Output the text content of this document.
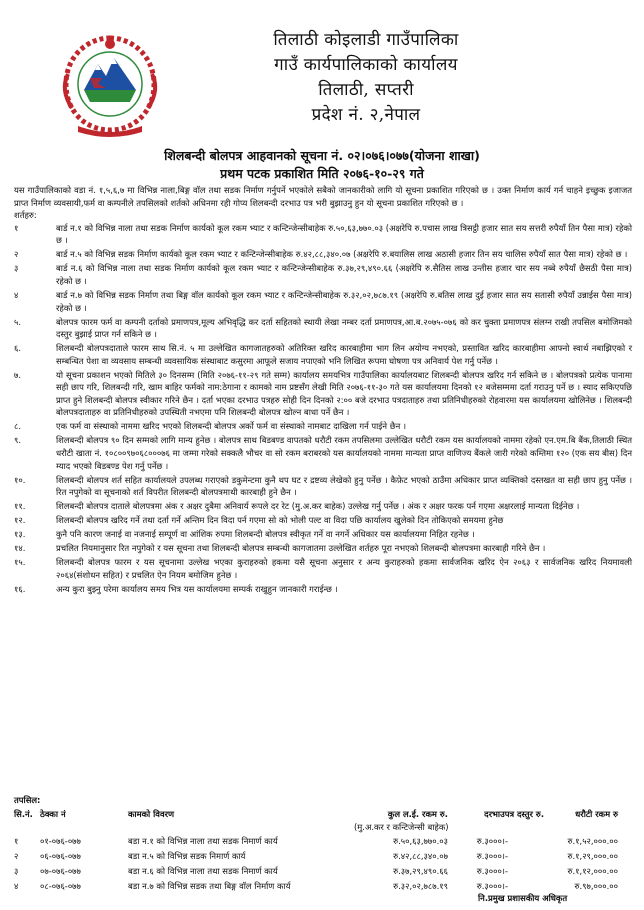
तिलाठी कोइलाडी गाउँपालिका
गाउँ कार्यपालिकाको कार्यालय
तिलाठी, सप्तरी
प्रदेश नं. २,नेपाल
शिलबन्दी बोलपत्र आहवानको सूचना नं. ०२।०७६।०७७(योजना शाखा)
प्रथम पटक प्रकाशित मिति २०७६-१०-२९ गते

यस गाउँपालिकाको वडा नं. १,५,६,७ मा विभिन्न नाला,बिङ्ग वॉल तथा सडक निर्माण गर्नुपर्ने भएकोले सबैको जानकारीको लागि यो सूचना प्रकाशित गरिएको छ । उक्त निर्माण कार्य गर्न चाहने इच्छुक इजाजत प्राप्त निर्माण व्यवसायी,फर्म वा कम्पनीले तपसिलको शर्तको अधिनमा रही गोप्य शिलबन्दी दरभाउ पत्र भरी बुझाउनु हुन यो सूचना प्रकाशित गरिएको छ ।

शर्तहरु:

१	बार्ड न.१ को विभिन्न नाला तथा सडक निर्माण कार्यको कूल रकम भ्याट र कन्टिन्जेन्सीबाहेक रु.५०,६३,७७०.०३ (अक्षरेपि रु.पचास लाख त्रिसट्ठी हजार सात सय सत्तरी रुपैयाँ तिन पैसा मात्र) रहेको छ ।
२	बार्ड न.५ को विभिन्न सडक निर्माण कार्यको कूल रकम भ्याट र कन्टिन्जेन्सीबाहेक रु.४२,८८,३४०.०७ (अक्षरेपि रु.बयालिस लाख अठासी हजार तिन सय चालिस रुपैयाँ सात पैसा मात्र) रहेको छ ।
३	बार्ड न.६ को विभिन्न नाला तथा सडक निर्माण कार्यको कूल रकम भ्याट र कन्टिन्जेन्सीबाहेक रु.३७,२९,४९०.६६ (अक्षरेपि रु.सैतिस लाख उन्तीस हजार चार सय नब्बे रुपैयाँ छैसठी पैसा मात्र) रहेको छ ।
४	बार्ड न.७ को विभिन्न सडक निर्माण तथा बिङ्ग वॉल कार्यको कूल रकम भ्याट र कन्टिन्जेन्सीबाहेक रु.३२,०२,७८७.१९ (अक्षरेपि रु.बतिस लाख दुई हजार सात सय सतासी रुपैयाँ उन्नाईस पैसा मात्र) रहेको छ ।
५.	बोलपत्र फारम फर्म वा कम्पनी दर्ताको प्रमाणपत्र,मूल्य अभिवृद्धि कर दर्ता सहितको स्थायी लेखा नम्बर दर्ता प्रमाणपत्र,आ.ब.२०७५-०७६ को कर चुक्ता प्रमाणपत्र संलग्न राखी तपसिल बमोजिमको दस्तुर बुझाई प्राप्त गर्न सकिने छ ।
६.	शिलबन्दी बोलपत्रदाताले फारम साथ सि.नं. ५ मा उल्लेखित कागजातहरुको अतिरिक्त खरिद कारबाहीमा भाग लिन अयोग्य नभएको, प्रस्तावित खरिद कारबाहीमा आफ्नो स्वार्थ नबाझिएको र सम्बन्धित पेशा वा व्यवसाय सम्बन्धी व्यवसायिक संस्थाबाट कसुरमा आफूले सजाय नपाएको भनि लिखित रूपमा घोषणा पत्र अनिवार्य पेश गर्नु पर्नेछ ।
७.	यो सूचना प्रकाशन भएको मितिले ३० दिनसम्म (मिति २०७६-११-२९ गते सम्म) कार्यालय समयभित्र गाउँपालिका कार्यालयबाट शिलबन्दी बोलपत्र खरिद गर्न सकिने छ । बोलपत्रको प्रत्येक पानामा सही छाप गरि, शिलबन्दी गरि, खाम बाहिर फर्मको नाम:ठेगाना र कामको नाम प्रष्टसँग लेखी मिति २०७६-११-३० गते यस कार्यालयमा दिनको १२ बजेसम्ममा दर्ता गराउनु पर्ने छ । स्याद सकिएपछि प्राप्त हुने शिलबन्दी बोलपत्र स्वीकार गरिने छैन । दर्ता भएका दरभाउ पत्रहरु सोही दिन दिनको २:०० बजे दरभाउ पत्रदाताहरु तथा प्रतिनिधीहरुको रोहवारमा यस कार्यालयमा खोलिनेछ । शिलबन्दी बोलपत्रदाताहरु वा प्रतिनिधीहरुको उपस्थिती नभएमा पनि शिलबन्दी बोलपत्र खोल्न बाधा पर्ने छैन ।
८.	एक फर्म वा संस्थाको नाममा खरिद भएको शिलबन्दी बोलपत्र अर्को फर्म वा संस्थाको नामबाट दाखिला गर्न पाईने छैन ।
९.	शिलबन्दी बोलपत्र ९० दिन सम्मको लागि मान्य हुनेछ । बोलपत्र साथ बिडबण्ड वापतको धरौटी रकम तपसिलमा उल्लेखित धरौटी रकम यस कार्यालयको नाममा रहेको एन.एम.बि बैंक,तिलाठी स्थित धरौटी खाता नं. १०८००९७०६८०००७६ मा जम्मा गरेको सक्कलै भौचर वा सो रकम बराबरको यस कार्यालयको नाममा मान्यता प्राप्त वाणिज्य बैंकले जारी गरेको कम्तिमा १२० (एक सय बीस) दिन म्याद भएको बिडबण्ड पेश गर्नु पर्नेछ ।
१०.	शिलबन्दी बोलपत्र शर्त सहित कार्यालयले उपलब्ध गराएको डकुमेन्टमा कुनै थप घट र द्रष्टव्य लेखेको हुनु पर्नेछ । कैफ़ेट भएको ठाउँमा अधिकार प्राप्त व्यक्तिको दस्तखत वा सही छाप हुनु पर्नेछ । रित नपुगेको वा सूचनाको शर्त विपरीत शिलबन्दी बोलपत्रमाथी कारबाही हुने छैन ।
११.	शिलबन्दी बोलपत्र दाताले बोलपत्रमा अंक र अक्षर दुबैमा अनिवार्य रूपले दर रेट (मु.अ.कर बाहेक) उल्लेख गर्नु पर्नेछ । अंक र अक्षर फरक पर्न गएमा अक्षरलाई मान्यता दिईनेछ ।
१२.	शिलबन्दी बोलपत्र खरिद गर्ने तथा दर्ता गर्ने अन्तिम दिन विदा पर्न गएमा सो को भोली पल्ट वा विदा पछि कार्यालय खुलेको दिन तोकिएको समयमा हुनेछ
१३.	कुनै पनि कारण जनाई वा नजनाई सम्पूर्ण वा आंशिक रुपमा शिलबन्दी बोलपत्र स्वीकृत गर्ने वा नगर्ने अधिकार यस कार्यालयमा निहित रहनेछ ।
१४.	प्रचलित नियमानुसार रित नपुगेको र यस सूचना तथा शिलबन्दी बोलपत्र सम्बन्धी कागजातमा उल्लेखित शर्तहरु पूरा नभएको शिलबन्दी बोलपत्रमा कारबाही गरिने छैन ।
१५.	शिलबन्दी बोलपत्र फारम र यस सूचनामा उल्लेख भएका कुराहरुको हकमा यसै सूचना अनुसार र अन्य कुराहरुको हकमा सार्वजनिक खरिद ऐन २०६३ र सार्वजनिक खरिद नियमावली २०६४(संशोधन सहित) र प्रचलित ऐन नियम बमोजिम हुनेछ ।
१६.	अन्य कुरा बुझ्नु परेमा कार्यालय समय भित्र यस कार्यालयमा सम्पर्क राखुहुन जानकारी गराईन्छ ।
तपसिल:
सि.नं. ठेक्का नं	कामको विवरण	कुल ल.ई. रकम रु.	दरभाउपत्र दस्तुर रु.	धरौटी रकम रु
(मु.अ.कर र कन्टिजेन्सी बाहेक)
१	०१-०७६-०७७	बडा न.१ को विभिन्न नाला तथा सडक निमार्ण कार्य	रु.५०,६३,७७०.०३	रु.३०००।-	रु.१,५२,०००.००
२	०६-०७६-०७७	बडा न.५ को विभिन्न सडक निमार्ण कार्य	रु.४२,८८,३४०.०७	रु.३०००।-	रु.१,२९,०००.००
३	०७-०७६-०७७	बडा न.६ को विभिन्न नाला तथा सडक निमार्ण कार्य	रु.३७,२९,४९०.६६	रु.३०००।-	रु.१,१२,०००.००
४	०८-०७६-०७७	बडा न.७ को विभिन्न सडक तथा बिङ्ग वॉल निर्माण कार्य	रु.३२,०२,७८७.१९	रु.३०००।-	रु.९७,०००.००
नि.प्रमुख प्रशासकीय अधिकृत
